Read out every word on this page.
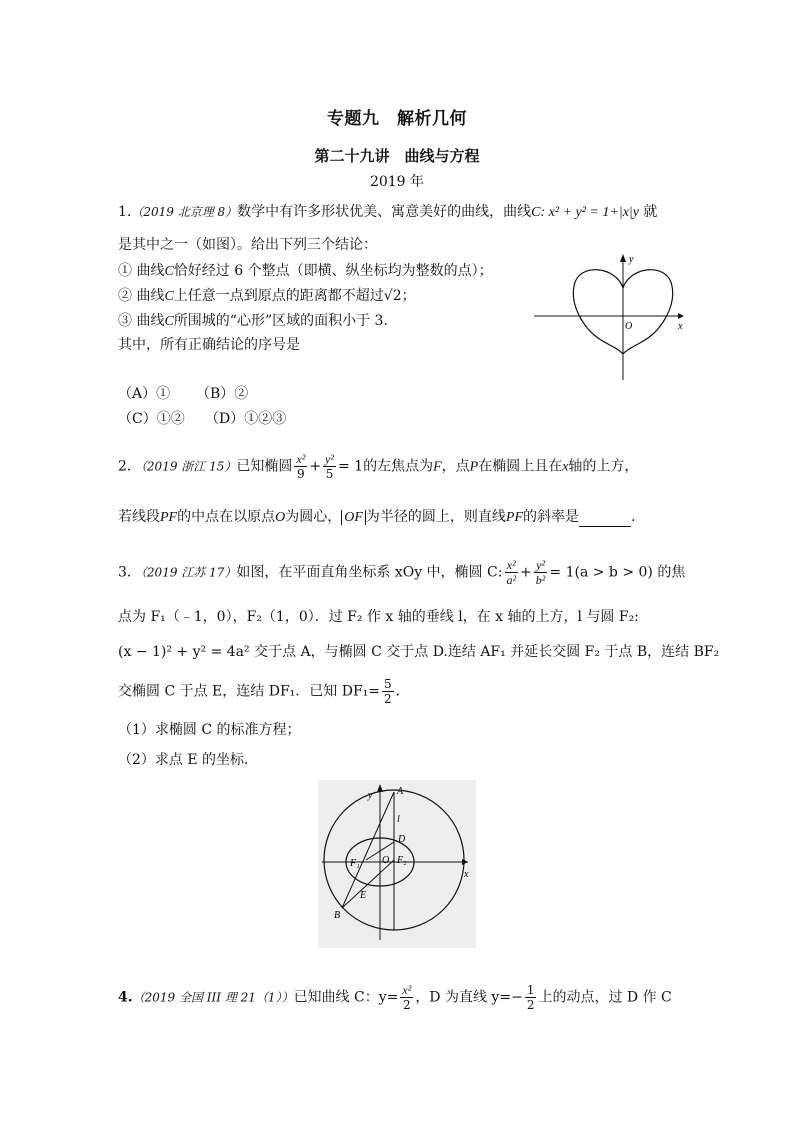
专题九　解析几何
第二十九讲　曲线与方程
2019 年
1.（2019 北京理 8）数学中有许多形状优美、寓意美好的曲线，曲线C: x² + y² = 1+|x|y 就
是其中之一（如图）。给出下列三个结论：
① 曲线C恰好经过 6 个整点（即横、纵坐标均为整数的点）；
② 曲线C上任意一点到原点的距离都不超过√2；
③ 曲线C所围城的“心形”区域的面积小于 3.
其中，所有正确结论的序号是
（A）① （B）②
（C）①② （D）①②③
y
x
O
2．（2019 浙江 15）已知椭圆 $\frac{\text{x²}}{9} + \frac{\text{y²}}{5} = 1$的左焦点为F，点P在椭圆上且在x轴的上方，
若线段PF的中点在以原点O为圆心， OF 为半径的圆上，则直线PF的斜率是	.
3．（2019 江苏 17）如图，在平面直角坐标系 xOy 中，椭圆 C: $\frac{\text{x²}}{\text{a²}} + \frac{\text{y²}}{\text{b²}} = 1(a > b > 0)$ 的焦
点为 F₁（﹣1，0），F₂（1，0）．过 F₂ 作 x 轴的垂线 l，在 x 轴的上方，l 与圆 F₂:
(x − 1)² + y² = 4a² 交于点 A，与椭圆 C 交于点 D.连结 AF₁ 并延长交圆 F₂ 于点 B，连结 BF₂
交椭圆 C 于点 E，连结 DF₁．已知 $DF_1= \frac{5}{2}$ ．
（1）求椭圆 C 的标准方程；
（2）求点 E 的坐标．
y
x
A
l
D
F₁ O F₂
E
B
4.（2019 全国 III 理 21（1））已知曲线 C：$y= \frac{\text{x²}}{2}$ ，D 为直线 $y=- \frac{1}{2}$ 上的动点，过 D 作 C
